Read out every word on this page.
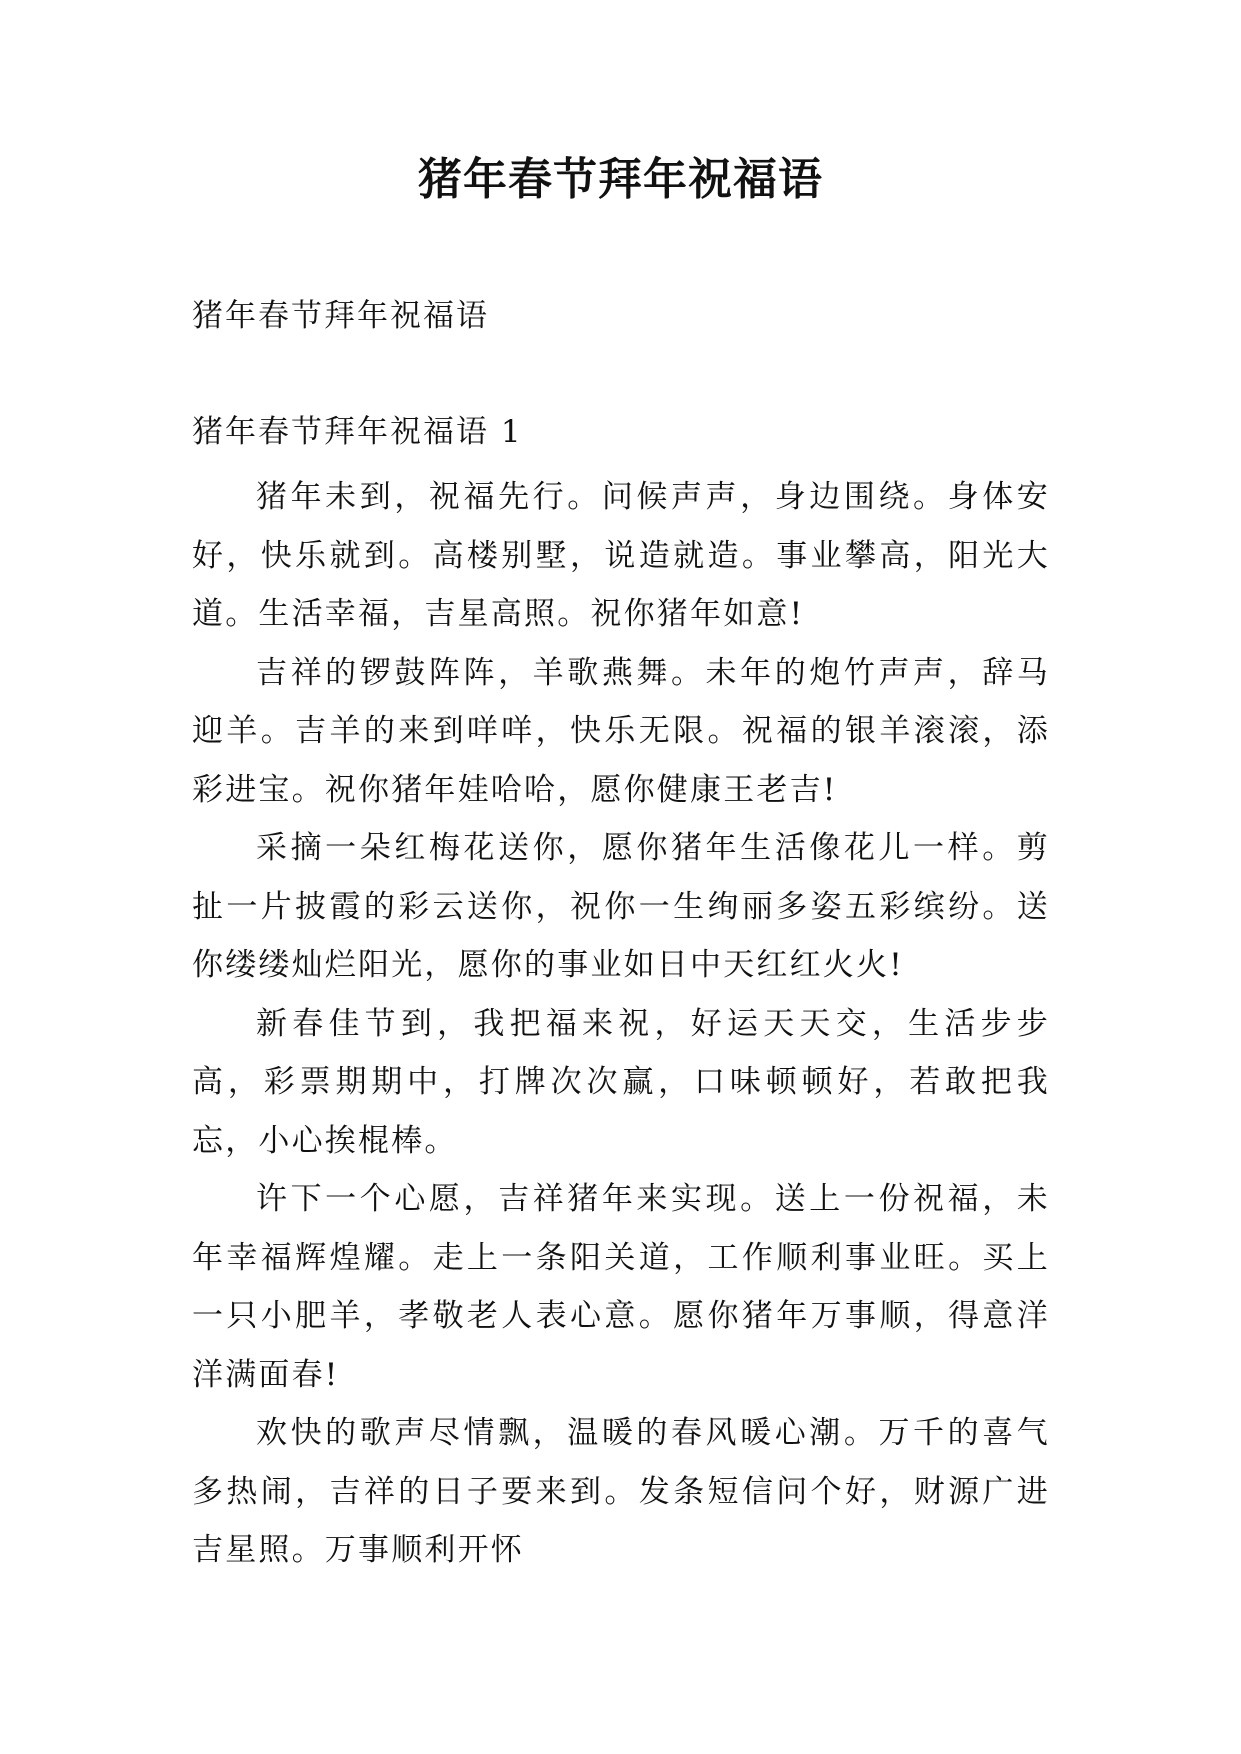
猪年春节拜年祝福语

猪年春节拜年祝福语

猪年春节拜年祝福语 1

猪年未到，祝福先行。问候声声，身边围绕。身体安好，快乐就到。高楼别墅，说造就造。事业攀高，阳光大道。生活幸福，吉星高照。祝你猪年如意!

吉祥的锣鼓阵阵，羊歌燕舞。未年的炮竹声声，辞马迎羊。吉羊的来到咩咩，快乐无限。祝福的银羊滚滚，添彩进宝。祝你猪年娃哈哈，愿你健康王老吉!

采摘一朵红梅花送你，愿你猪年生活像花儿一样。剪扯一片披霞的彩云送你，祝你一生绚丽多姿五彩缤纷。送你缕缕灿烂阳光，愿你的事业如日中天红红火火!

新春佳节到，我把福来祝，好运天天交，生活步步高，彩票期期中，打牌次次赢，口味顿顿好，若敢把我忘，小心挨棍棒。

许下一个心愿，吉祥猪年来实现。送上一份祝福，未年幸福辉煌耀。走上一条阳关道，工作顺利事业旺。买上一只小肥羊，孝敬老人表心意。愿你猪年万事顺，得意洋洋满面春!

欢快的歌声尽情飘，温暖的春风暖心潮。万千的喜气多热闹，吉祥的日子要来到。发条短信问个好，财源广进吉星照。万事顺利开怀
